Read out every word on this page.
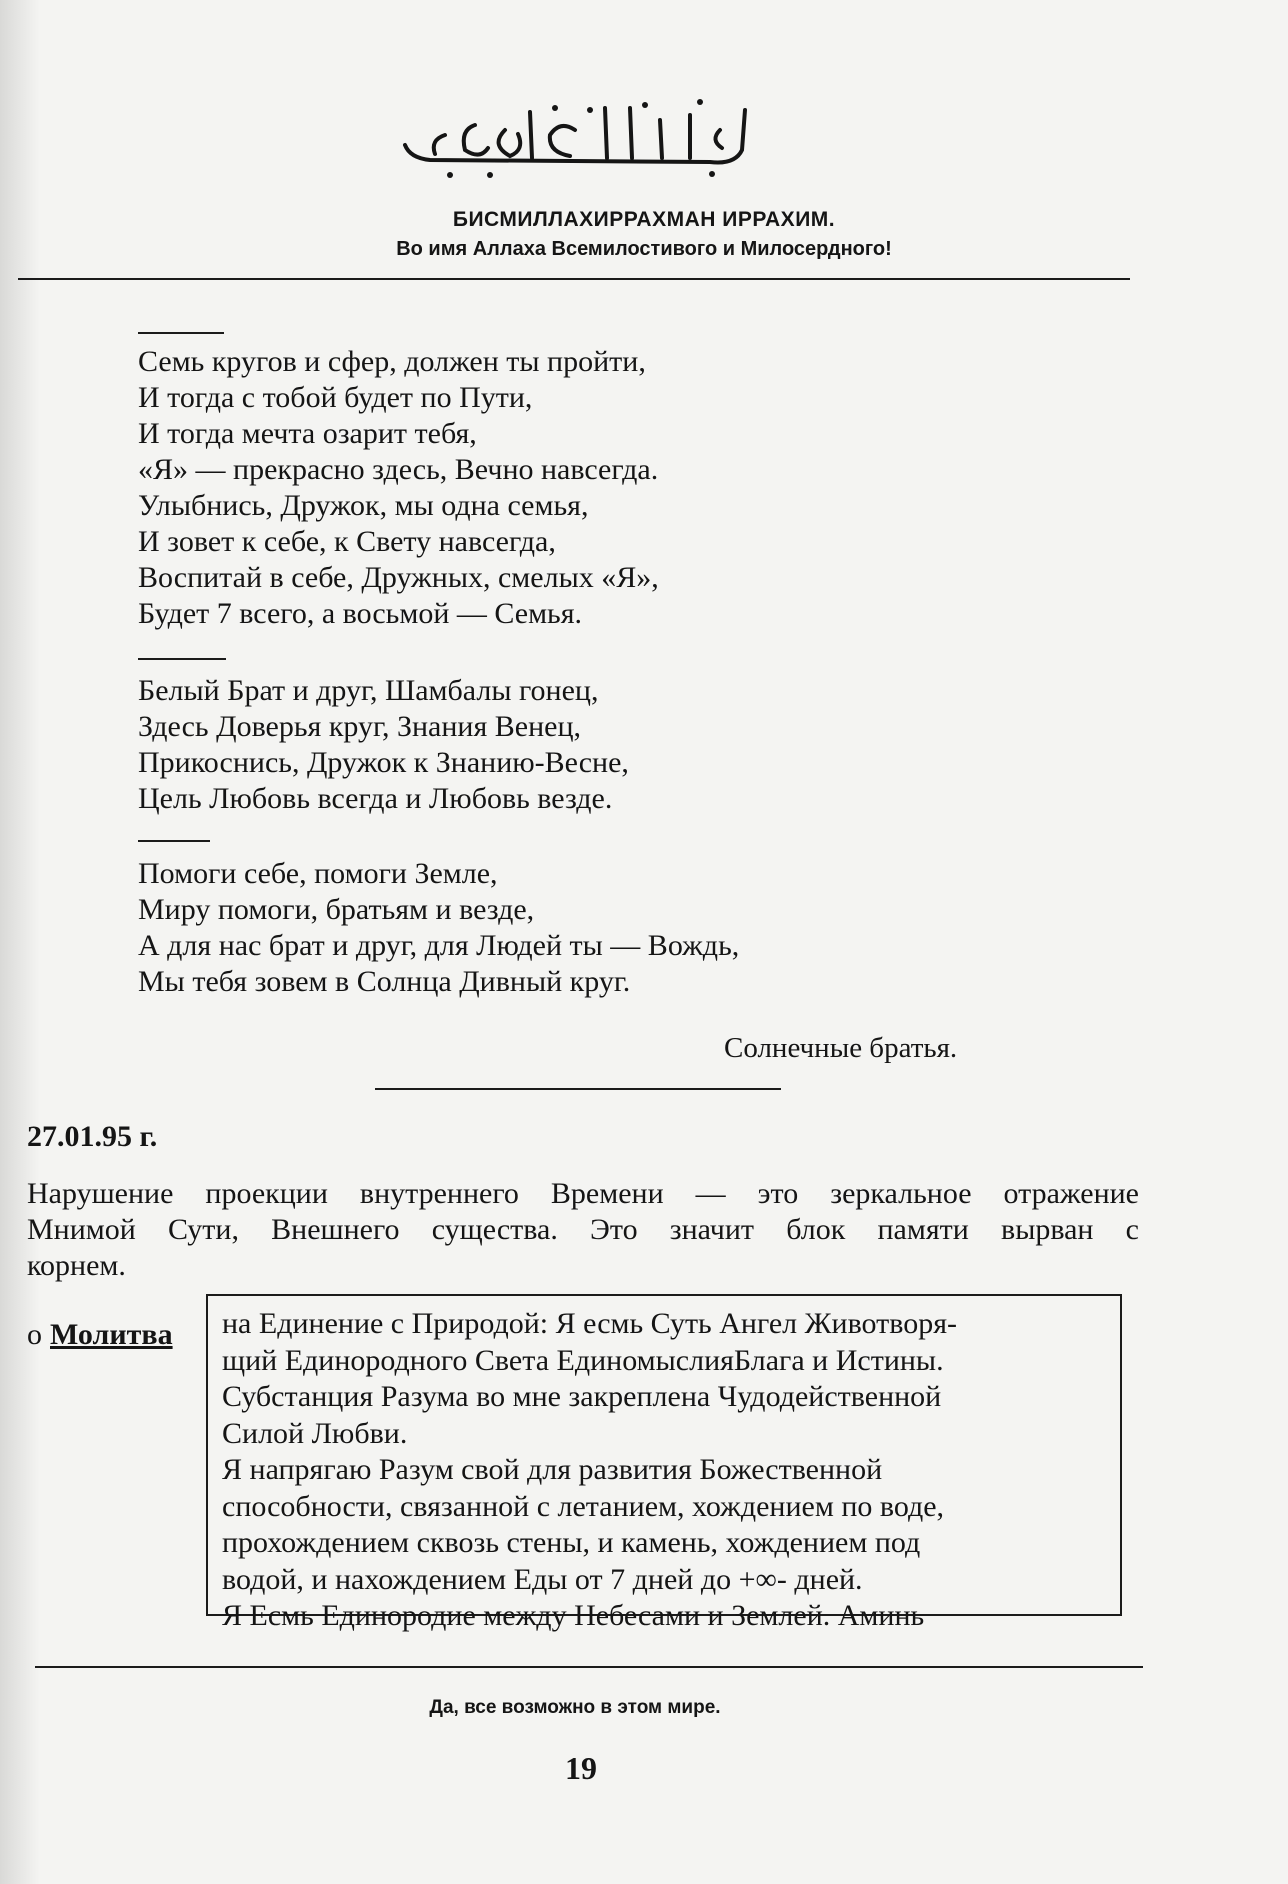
БИСМИЛЛАХИРРАХМАН ИРРАХИМ.
Во имя Аллаха Всемилостивого и Милосердного!
Семь кругов и сфер, должен ты пройти,
И тогда с тобой будет по Пути,
И тогда мечта озарит тебя,
«Я» — прекрасно здесь, Вечно навсегда.
Улыбнись, Дружок, мы одна семья,
И зовет к себе, к Свету навсегда,
Воспитай в себе, Дружных, смелых «Я»,
Будет 7 всего, а восьмой — Семья.
Белый Брат и друг, Шамбалы гонец,
Здесь Доверья круг, Знания Венец,
Прикоснись, Дружок к Знанию-Весне,
Цель Любовь всегда и Любовь везде.
Помоги себе, помоги Земле,
Миру помоги, братьям и везде,
А для нас брат и друг, для Людей ты — Вождь,
Мы тебя зовем в Солнца Дивный круг.
Солнечные братья.
27.01.95 г.
Нарушение проекции внутреннего Времени — это зеркальное отражение
Мнимой Сути, Внешнего существа. Это значит блок памяти вырван с
корнем.
о Молитва на Единение с Природой: Я есмь Суть Ангел Животворя-
щий Единородного Света ЕдиномыслияБлага и Истины.
Субстанция Разума во мне закреплена Чудодейственной
Силой Любви.
Я напрягаю Разум свой для развития Божественной
способности, связанной с летанием, хождением по воде,
прохождением сквозь стены, и камень, хождением под
водой, и нахождением Еды от 7 дней до +∞- дней.
Я Есмь Единородие между Небесами и Землей. Аминь
Да, все возможно в этом мире.
19
